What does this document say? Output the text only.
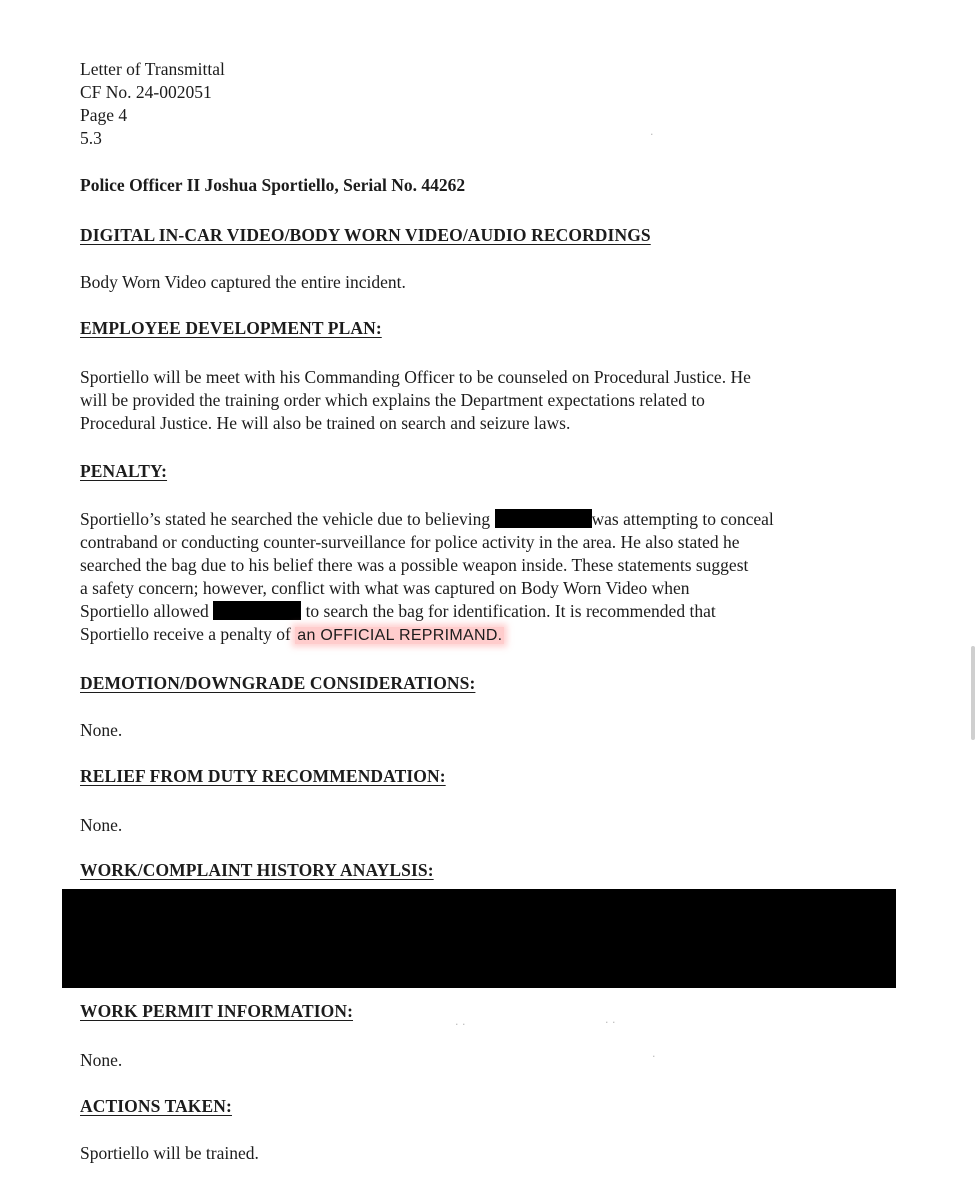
Letter of Transmittal
CF No. 24-002051
Page 4
5.3
Police Officer II Joshua Sportiello, Serial No. 44262
DIGITAL IN-CAR VIDEO/BODY WORN VIDEO/AUDIO RECORDINGS
Body Worn Video captured the entire incident.
EMPLOYEE DEVELOPMENT PLAN:
Sportiello will be meet with his Commanding Officer to be counseled on Procedural Justice. He
will be provided the training order which explains the Department expectations related to
Procedural Justice. He will also be trained on search and seizure laws.
PENALTY:
Sportiello’s stated he searched the vehicle due to believing	was attempting to conceal
contraband or conducting counter-surveillance for police activity in the area. He also stated he
searched the bag due to his belief there was a possible weapon inside. These statements suggest
a safety concern; however, conflict with what was captured on Body Worn Video when
Sportiello allowed	to search the bag for identification. It is recommended that
Sportiello receive a penalty of an OFFICIAL REPRIMAND.
DEMOTION/DOWNGRADE CONSIDERATIONS:
None.
RELIEF FROM DUTY RECOMMENDATION:
None.
WORK/COMPLAINT HISTORY ANAYLSIS:
WORK PERMIT INFORMATION:
None.
ACTIONS TAKEN:
Sportiello will be trained.
·
· ·	· ·
·
